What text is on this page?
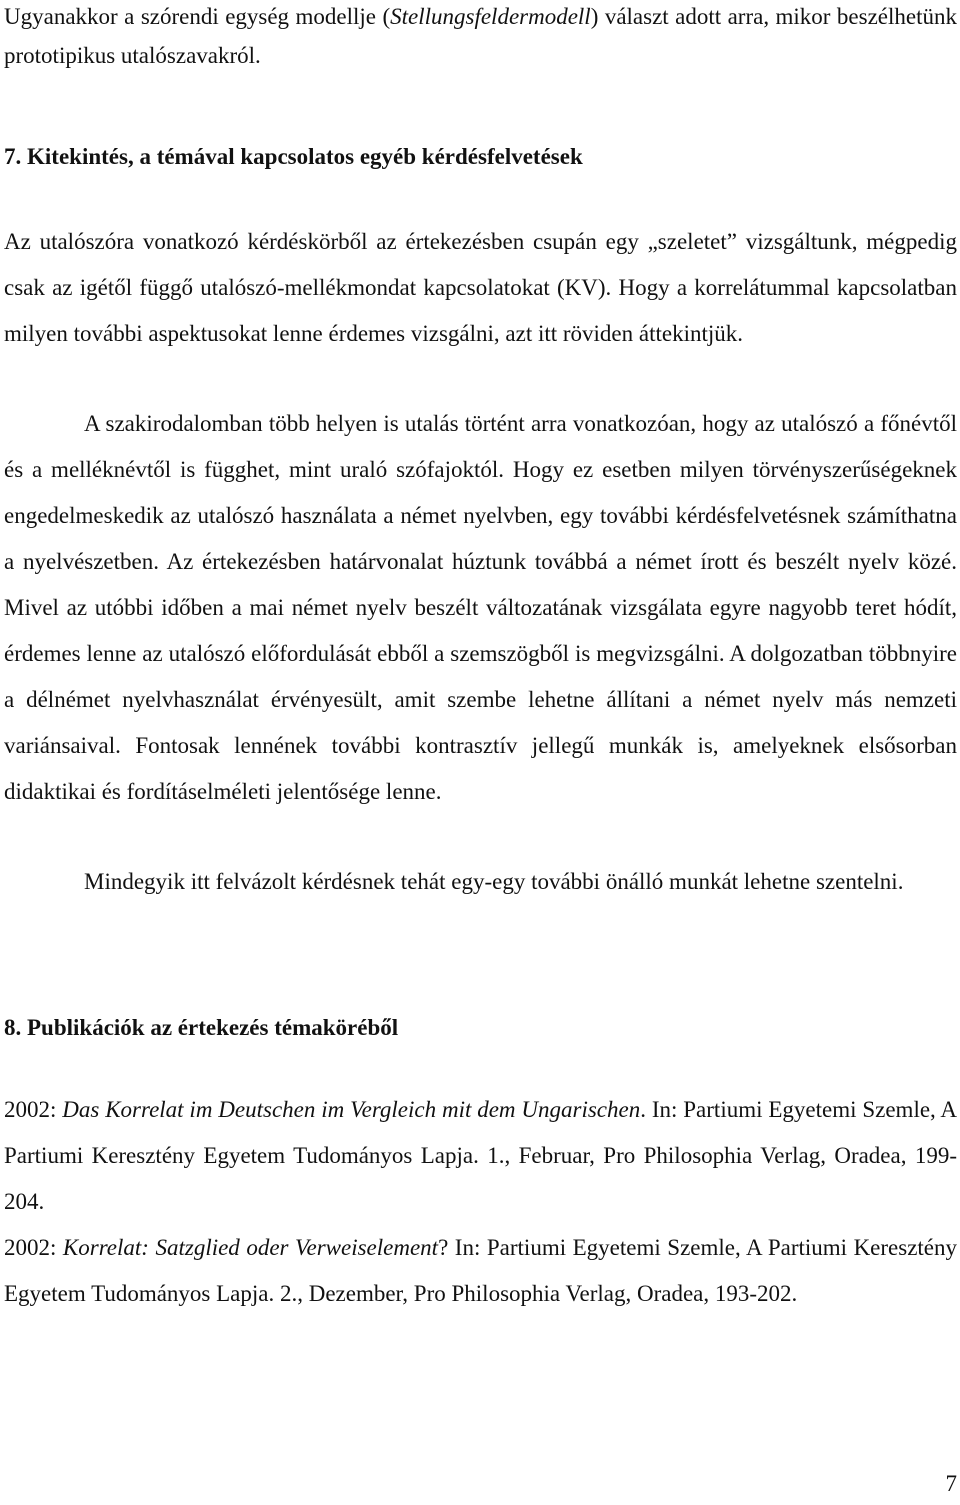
Ugyanakkor a szórendi egység modellje (Stellungsfeldermodell) választ adott arra, mikor beszélhetünk prototipikus utalószavakról.

7. Kitekintés, a témával kapcsolatos egyéb kérdésfelvetések

Az utalószóra vonatkozó kérdéskörből az értekezésben csupán egy „szeletet” vizsgáltunk, mégpedig csak az igétől függő utalószó-mellékmondat kapcsolatokat (KV). Hogy a korrelátummal kapcsolatban milyen további aspektusokat lenne érdemes vizsgálni, azt itt röviden áttekintjük.

A szakirodalomban több helyen is utalás történt arra vonatkozóan, hogy az utalószó a főnévtől és a melléknévtől is függhet, mint uraló szófajoktól. Hogy ez esetben milyen törvényszerűségeknek engedelmeskedik az utalószó használata a német nyelvben, egy további kérdésfelvetésnek számíthatna a nyelvészetben. Az értekezésben határvonalat húztunk továbbá a német írott és beszélt nyelv közé. Mivel az utóbbi időben a mai német nyelv beszélt változatának vizsgálata egyre nagyobb teret hódít, érdemes lenne az utalószó előfordulását ebből a szemszögből is megvizsgálni. A dolgozatban többnyire a délnémet nyelvhasználat érvényesült, amit szembe lehetne állítani a német nyelv más nemzeti variánsaival. Fontosak lennének további kontrasztív jellegű munkák is, amelyeknek elsősorban didaktikai és fordításelméleti jelentősége lenne.

Mindegyik itt felvázolt kérdésnek tehát egy-egy további önálló munkát lehetne szentelni.

8. Publikációk az értekezés témaköréből

2002: Das Korrelat im Deutschen im Vergleich mit dem Ungarischen. In: Partiumi Egyetemi Szemle, A Partiumi Keresztény Egyetem Tudományos Lapja. 1., Februar, Pro Philosophia Verlag, Oradea, 199-204.

2002: Korrelat: Satzglied oder Verweiselement? In: Partiumi Egyetemi Szemle, A Partiumi Keresztény Egyetem Tudományos Lapja. 2., Dezember, Pro Philosophia Verlag, Oradea, 193-202.

7
